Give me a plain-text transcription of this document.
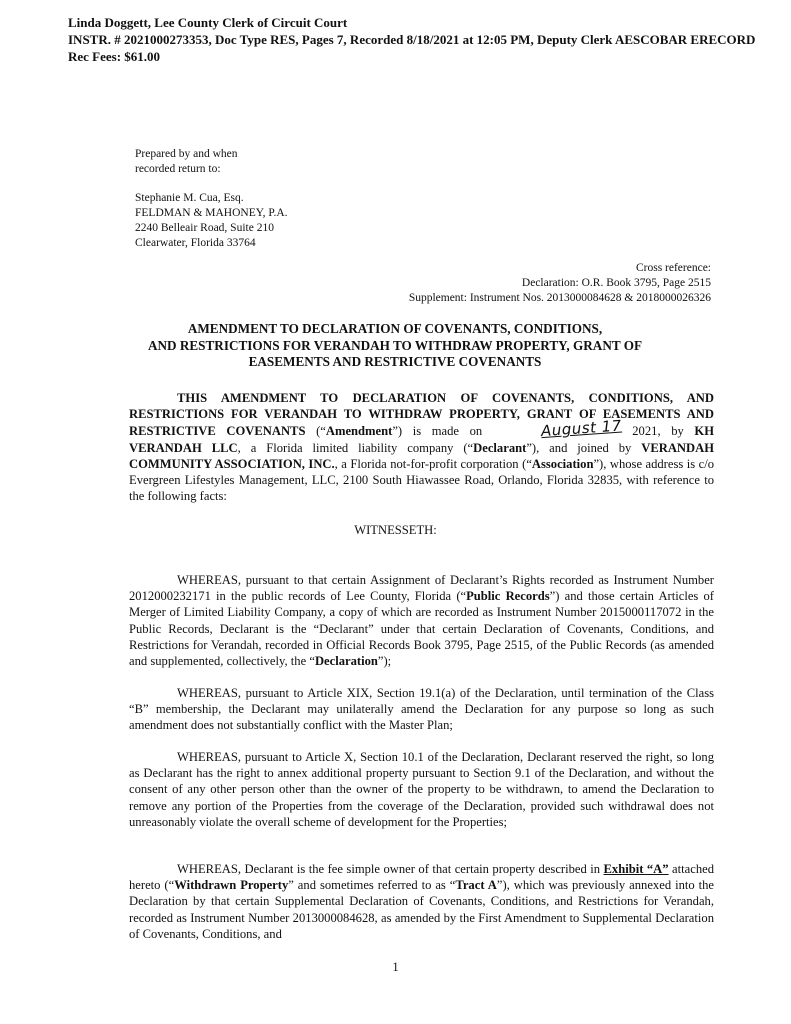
Linda Doggett, Lee County Clerk of Circuit Court
INSTR. # 2021000273353, Doc Type RES, Pages 7, Recorded 8/18/2021 at 12:05 PM, Deputy Clerk AESCOBAR ERECORD
Rec Fees: $61.00
Prepared by and when
recorded return to:
Stephanie M. Cua, Esq.
FELDMAN & MAHONEY, P.A.
2240 Belleair Road, Suite 210
Clearwater, Florida 33764
Cross reference:
Declaration: O.R. Book 3795, Page 2515
Supplement: Instrument Nos. 2013000084628 & 2018000026326
AMENDMENT TO DECLARATION OF COVENANTS, CONDITIONS,
AND RESTRICTIONS FOR VERANDAH TO WITHDRAW PROPERTY, GRANT OF
EASEMENTS AND RESTRICTIVE COVENANTS

THIS AMENDMENT TO DECLARATION OF COVENANTS, CONDITIONS, AND RESTRICTIONS FOR VERANDAH TO WITHDRAW PROPERTY, GRANT OF EASEMENTS AND RESTRICTIVE COVENANTS (“Amendment”) is made on	August 17 2021, by KH VERANDAH LLC, a Florida limited liability company (“Declarant”), and joined by VERANDAH COMMUNITY ASSOCIATION, INC., a Florida not-for-profit corporation (“Association”), whose address is c/o Evergreen Lifestyles Management, LLC, 2100 South Hiawassee Road, Orlando, Florida 32835, with reference to the following facts:

WITNESSETH:

WHEREAS, pursuant to that certain Assignment of Declarant’s Rights recorded as Instrument Number 2012000232171 in the public records of Lee County, Florida (“Public Records”) and those certain Articles of Merger of Limited Liability Company, a copy of which are recorded as Instrument Number 2015000117072 in the Public Records, Declarant is the “Declarant” under that certain Declaration of Covenants, Conditions, and Restrictions for Verandah, recorded in Official Records Book 3795, Page 2515, of the Public Records (as amended and supplemented, collectively, the “Declaration”);

WHEREAS, pursuant to Article XIX, Section 19.1(a) of the Declaration, until termination of the Class “B” membership, the Declarant may unilaterally amend the Declaration for any purpose so long as such amendment does not substantially conflict with the Master Plan;

WHEREAS, pursuant to Article X, Section 10.1 of the Declaration, Declarant reserved the right, so long as Declarant has the right to annex additional property pursuant to Section 9.1 of the Declaration, and without the consent of any other person other than the owner of the property to be withdrawn, to amend the Declaration to remove any portion of the Properties from the coverage of the Declaration, provided such withdrawal does not unreasonably violate the overall scheme of development for the Properties;

WHEREAS, Declarant is the fee simple owner of that certain property described in Exhibit “A” attached hereto (“Withdrawn Property” and sometimes referred to as “Tract A”), which was previously annexed into the Declaration by that certain Supplemental Declaration of Covenants, Conditions, and Restrictions for Verandah, recorded as Instrument Number 2013000084628, as amended by the First Amendment to Supplemental Declaration of Covenants, Conditions, and

1
